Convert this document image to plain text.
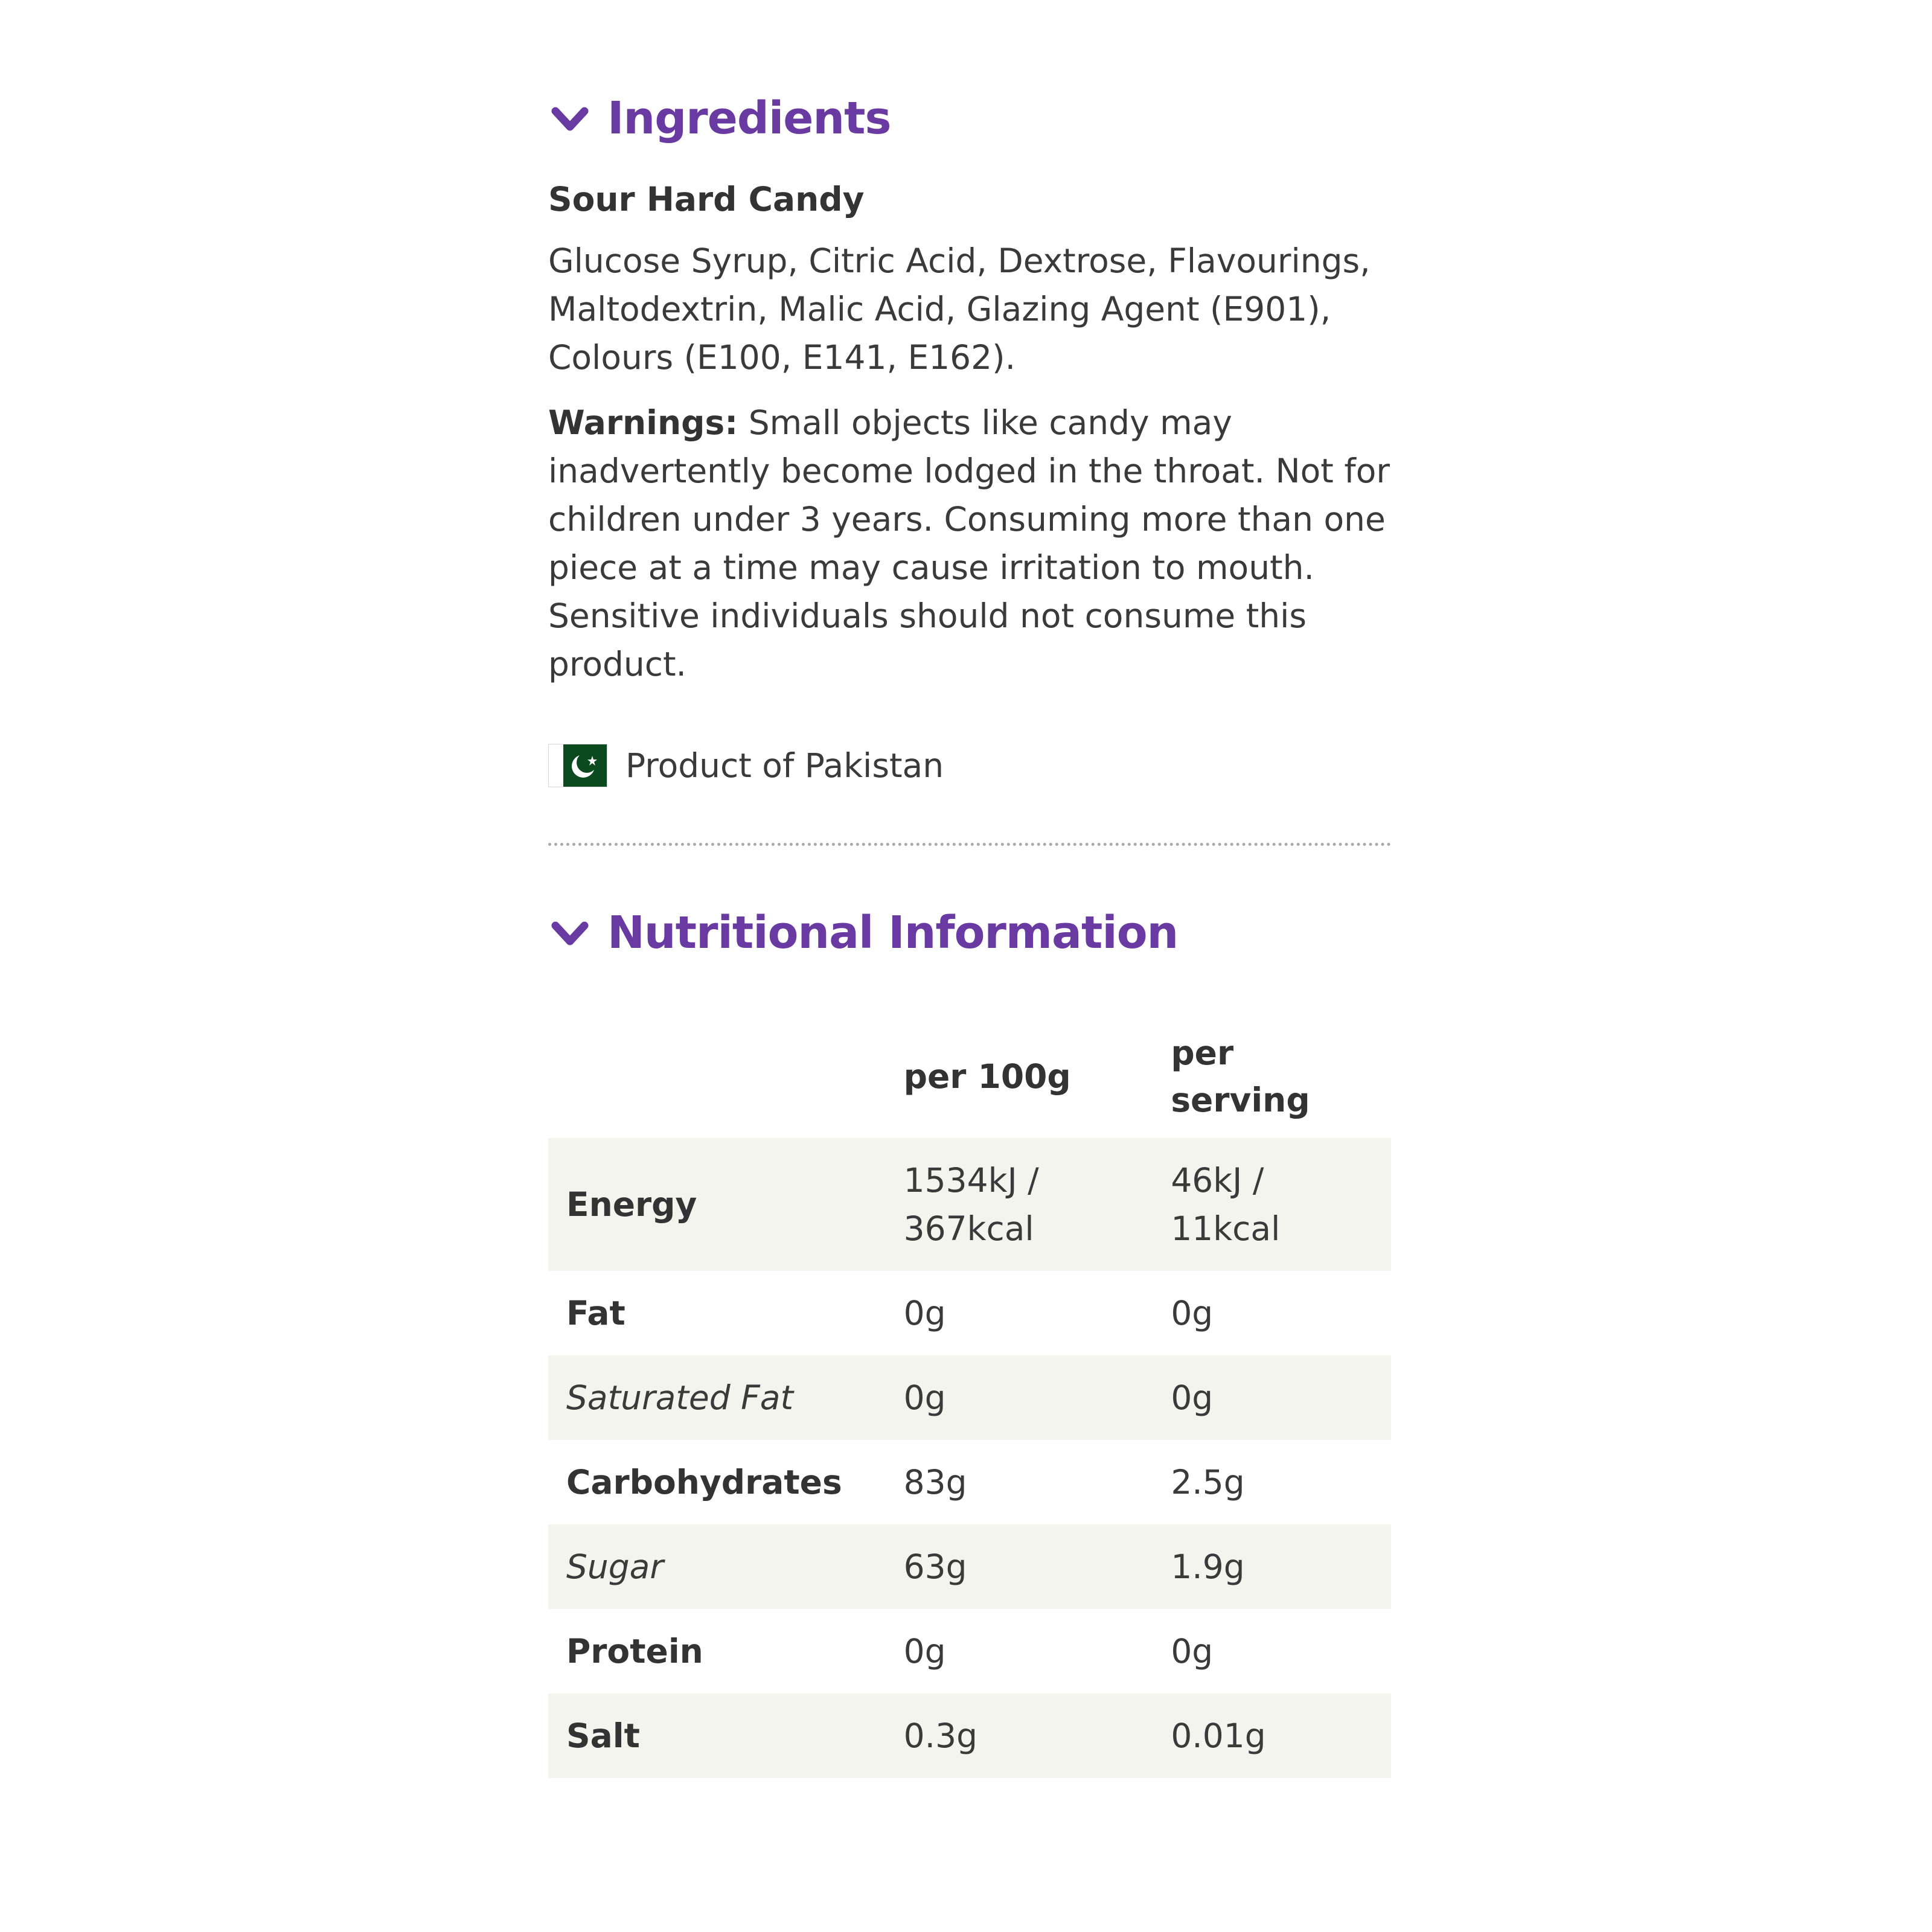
Ingredients

Sour Hard Candy

Glucose Syrup, Citric Acid, Dextrose, Flavourings, Maltodextrin, Malic Acid, Glazing Agent (E901), Colours (E100, E141, E162).

Warnings: Small objects like candy may inadvertently become lodged in the throat. Not for children under 3 years. Consuming more than one piece at a time may cause irritation to mouth. Sensitive individuals should not consume this product.

Product of Pakistan
Nutritional Information
	per 100g	per serving
Energy	1534kJ / 367kcal	46kJ / 11kcal
Fat	0g	0g
Saturated Fat	0g	0g
Carbohydrates	83g	2.5g
Sugar	63g	1.9g
Protein	0g	0g
Salt	0.3g	0.01g
